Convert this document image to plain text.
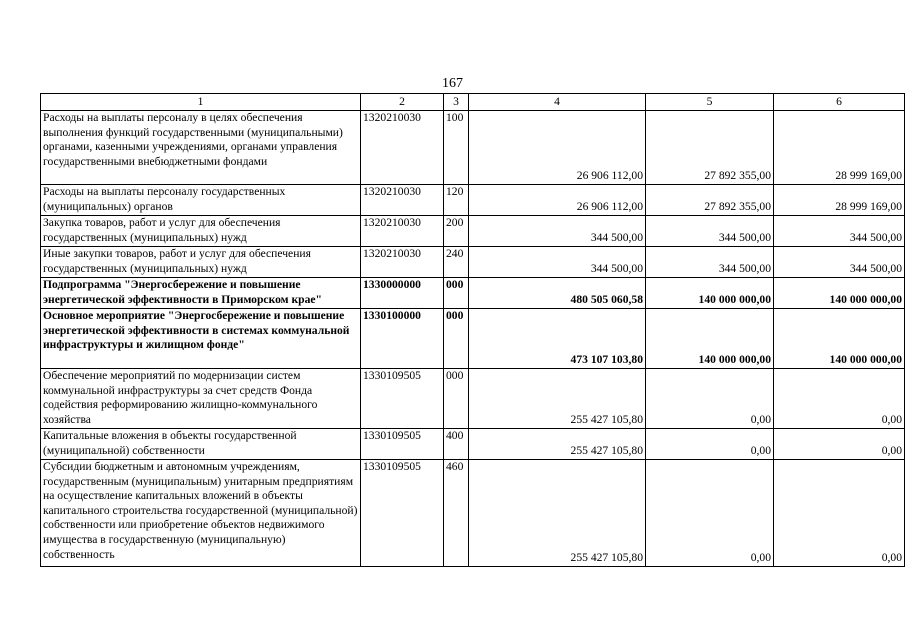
167
1	2	3	4	5	6
Расходы на выплаты персоналу в целях обеспечения выполнения функций государственными (муниципальными) органами, казенными учреждениями, органами управления государственными внебюджетными фондами	1320210030	100	26 906 112,00	27 892 355,00	28 999 169,00
Расходы на выплаты персоналу государственных (муниципальных) органов	1320210030	120	26 906 112,00	27 892 355,00	28 999 169,00
Закупка товаров, работ и услуг для обеспечения государственных (муниципальных) нужд	1320210030	200	344 500,00	344 500,00	344 500,00
Иные закупки товаров, работ и услуг для обеспечения государственных (муниципальных) нужд	1320210030	240	344 500,00	344 500,00	344 500,00
Подпрограмма "Энергосбережение и повышение энергетической эффективности в Приморском крае"	1330000000	000	480 505 060,58	140 000 000,00	140 000 000,00
Основное мероприятие "Энергосбережение и повышение энергетической эффективности в системах коммунальной инфраструктуры и жилищном фонде"	1330100000	000	473 107 103,80	140 000 000,00	140 000 000,00
Обеспечение мероприятий по модернизации систем коммунальной инфраструктуры за счет средств Фонда содействия реформированию жилищно-коммунального хозяйства	1330109505	000	255 427 105,80	0,00	0,00
Капитальные вложения в объекты государственной (муниципальной) собственности	1330109505	400	255 427 105,80	0,00	0,00
Субсидии бюджетным и автономным учреждениям, государственным (муниципальным) унитарным предприятиям на осуществление капитальных вложений в объекты капитального строительства государственной (муниципальной) собственности или приобретение объектов недвижимого имущества в государственную (муниципальную) собственность	1330109505	460	255 427 105,80	0,00	0,00
